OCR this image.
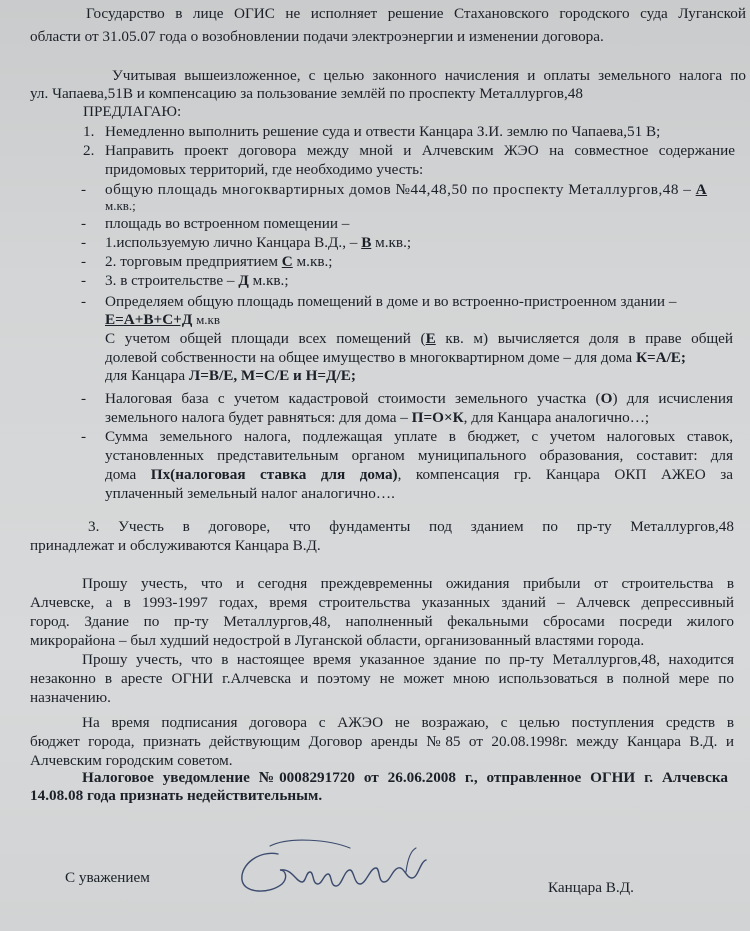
Государство в лице ОГИС не исполняет решение Стахановского городского суда Луганской
области от 31.05.07 года о возобновлении подачи электроэнергии и изменении договора.
Учитывая вышеизложенное, с целью законного начисления и оплаты земельного налога по
ул. Чапаева,51В и компенсацию за пользование землёй по проспекту Металлургов,48
ПРЕДЛАГАЮ:
1. Немедленно выполнить решение суда и отвести Канцара З.И. землю по Чапаева,51 В;
2. Направить проект договора между мной и Алчевским ЖЭО на совместное содержание
придомовых территорий, где необходимо учесть:
- общую площадь многоквартирных домов №44,48,50 по проспекту Металлургов,48 – А
м.кв.;
- площадь во встроенном помещении –
- 1.используемую лично Канцара В.Д., – В м.кв.;
- 2. торговым предприятием С м.кв.;
- 3. в строительстве – Д м.кв.;
- Определяем общую площадь помещений в доме и во встроенно-пристроенном здании –
Е=А+В+С+Д м.кв
С учетом общей площади всех помещений (Е кв. м) вычисляется доля в праве общей
долевой собственности на общее имущество в многоквартирном доме – для дома К=А/Е;
для Канцара Л=В/Е, М=С/Е и Н=Д/Е;
- Налоговая база с учетом кадастровой стоимости земельного участка (О) для исчисления
земельного налога будет равняться: для дома – П=О×К, для Канцара аналогично…;
- Сумма земельного налога, подлежащая уплате в бюджет, с учетом налоговых ставок,
установленных представительным органом муниципального образования, составит: для
дома Пх(налоговая ставка для дома), компенсация гр. Канцара ОКП АЖЕО за
уплаченный земельный налог аналогично….
3. Учесть в договоре, что фундаменты под зданием по пр-ту Металлургов,48
принадлежат и обслуживаются Канцара В.Д.
Прошу учесть, что и сегодня преждевременны ожидания прибыли от строительства в
Алчевске, а в 1993-1997 годах, время строительства указанных зданий – Алчевск депрессивный
город. Здание по пр-ту Металлургов,48, наполненный фекальными сбросами посреди жилого
микрорайона – был худший недострой в Луганской области, организованный властями города.
Прошу учесть, что в настоящее время указанное здание по пр-ту Металлургов,48, находится
незаконно в аресте ОГНИ г.Алчевска и поэтому не может мною использоваться в полной мере по
назначению.
На время подписания договора с АЖЭО не возражаю, с целью поступления средств в
бюджет города, признать действующим Договор аренды №85 от 20.08.1998г. между Канцара В.Д. и
Алчевским городским советом.
Налоговое уведомление №0008291720 от 26.06.2008 г., отправленное ОГНИ г. Алчевска
14.08.08 года признать недействительным.
С уважением
Канцара В.Д.
